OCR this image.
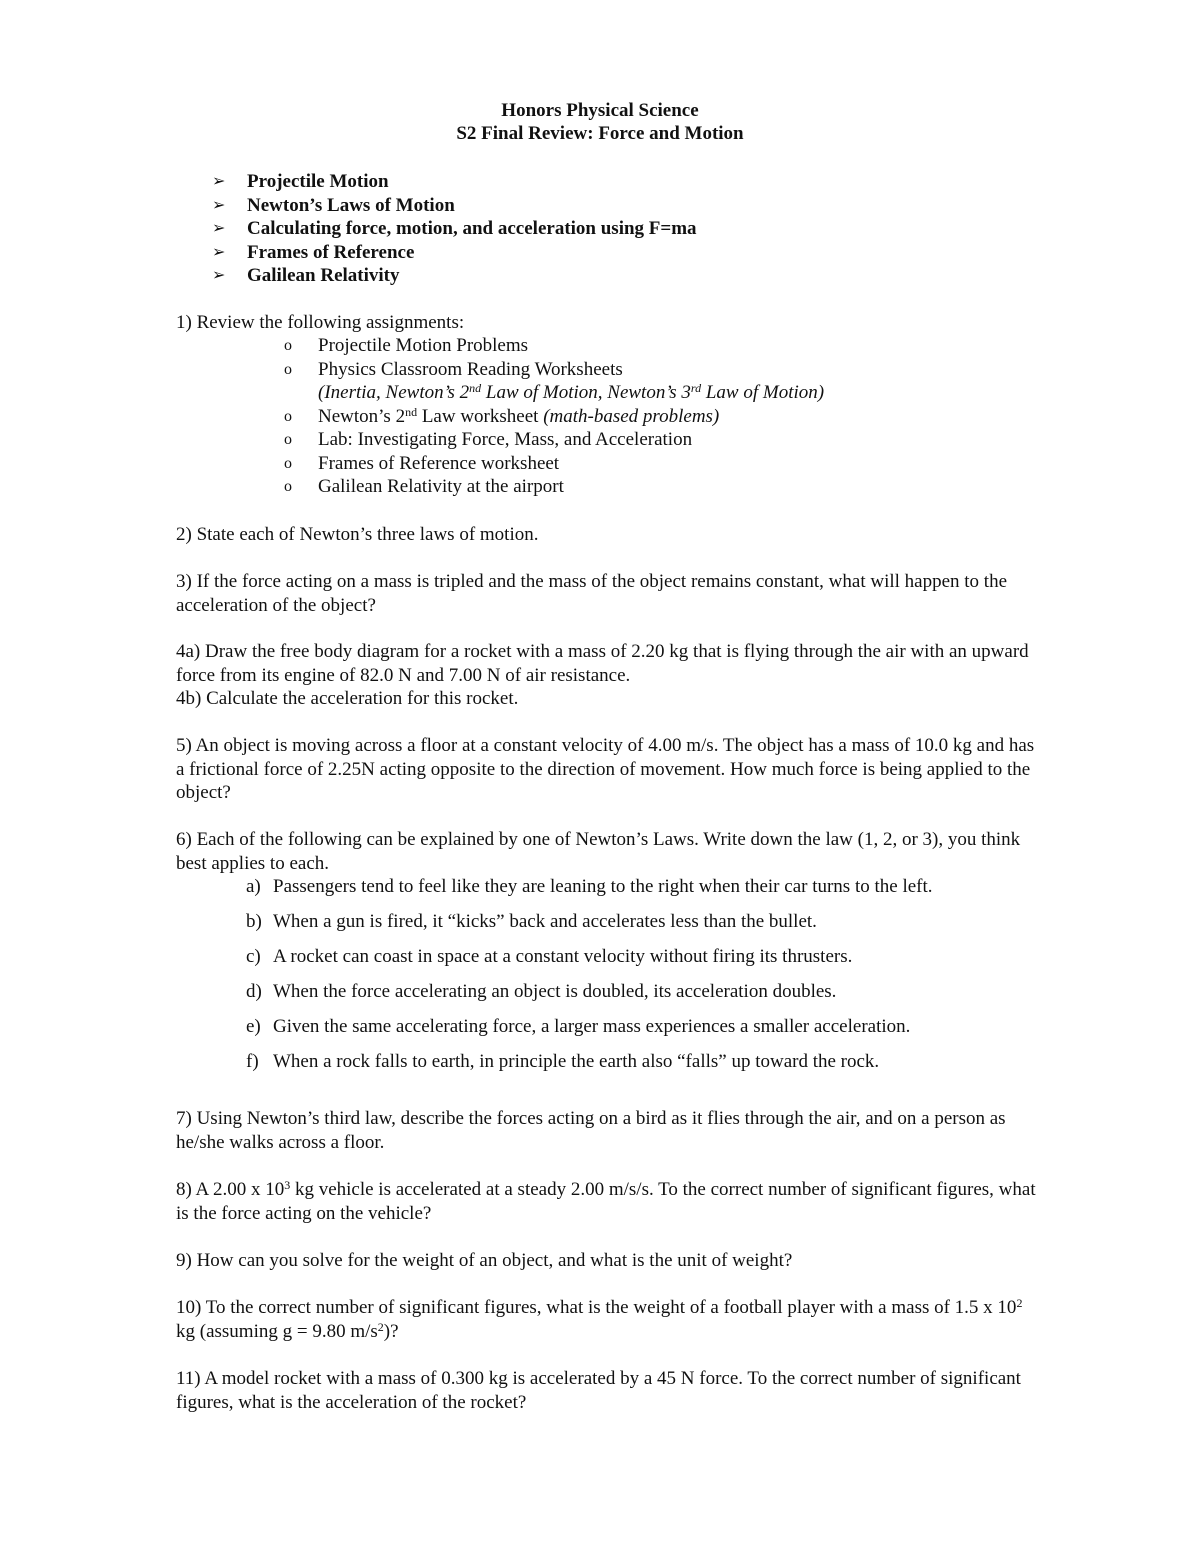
Honors Physical Science
S2 Final Review: Force and Motion
➢ Projectile Motion
➢ Newton’s Laws of Motion
➢ Calculating force, motion, and acceleration using F=ma
➢ Frames of Reference
➢ Galilean Relativity
1) Review the following assignments:
o Projectile Motion Problems
o Physics Classroom Reading Worksheets
(Inertia, Newton’s 2nd Law of Motion, Newton’s 3rd Law of Motion)
o Newton’s 2nd Law worksheet (math-based problems)
o Lab: Investigating Force, Mass, and Acceleration
o Frames of Reference worksheet
o Galilean Relativity at the airport
2) State each of Newton’s three laws of motion.
3) If the force acting on a mass is tripled and the mass of the object remains constant, what will happen to the acceleration of the object?
4a) Draw the free body diagram for a rocket with a mass of 2.20 kg that is flying through the air with an upward force from its engine of 82.0 N and 7.00 N of air resistance.
4b) Calculate the acceleration for this rocket.
5) An object is moving across a floor at a constant velocity of 4.00 m/s. The object has a mass of 10.0 kg and has a frictional force of 2.25N acting opposite to the direction of movement. How much force is being applied to the object?
6) Each of the following can be explained by one of Newton’s Laws. Write down the law (1, 2, or 3), you think best applies to each.
a) Passengers tend to feel like they are leaning to the right when their car turns to the left.
b) When a gun is fired, it “kicks” back and accelerates less than the bullet.
c) A rocket can coast in space at a constant velocity without firing its thrusters.
d) When the force accelerating an object is doubled, its acceleration doubles.
e) Given the same accelerating force, a larger mass experiences a smaller acceleration.
f) When a rock falls to earth, in principle the earth also “falls” up toward the rock.
7) Using Newton’s third law, describe the forces acting on a bird as it flies through the air, and on a person as he/she walks across a floor.
8) A 2.00 x $10^3$ kg vehicle is accelerated at a steady 2.00 m/s/s. To the correct number of significant figures, what is the force acting on the vehicle?
9) How can you solve for the weight of an object, and what is the unit of weight?
10) To the correct number of significant figures, what is the weight of a football player with a mass of 1.5 x $10^2$ kg (assuming g = 9.80 $m/s^2$)?
11) A model rocket with a mass of 0.300 kg is accelerated by a 45 N force. To the correct number of significant figures, what is the acceleration of the rocket?
